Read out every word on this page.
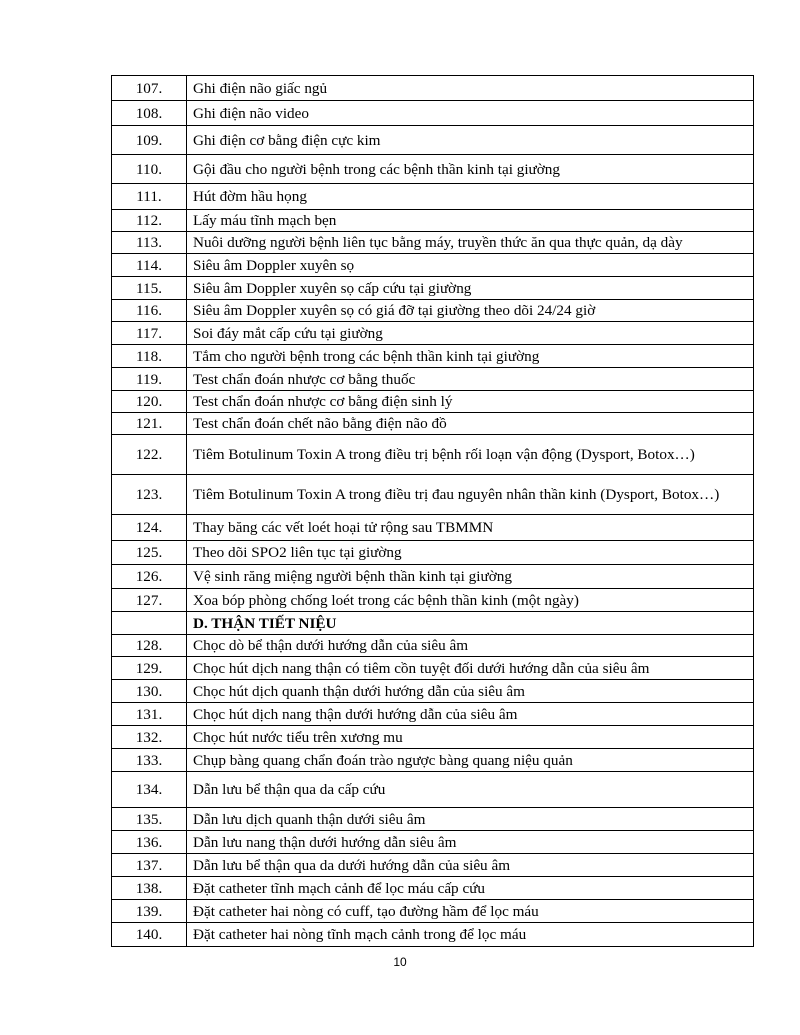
107.	Ghi điện não giấc ngủ
108.	Ghi điện não video
109.	Ghi điện cơ bằng điện cực kim
110.	Gội đầu cho người bệnh trong các bệnh thần kinh tại giường
111.	Hút đờm hầu họng
112.	Lấy máu tĩnh mạch bẹn
113.	Nuôi dưỡng người bệnh liên tục bằng máy, truyền thức ăn qua thực quản, dạ dày
114.	Siêu âm Doppler xuyên sọ
115.	Siêu âm Doppler xuyên sọ cấp cứu tại giường
116.	Siêu âm Doppler xuyên sọ có giá đỡ tại giường theo dõi 24/24 giờ
117.	Soi đáy mắt cấp cứu tại giường
118.	Tắm cho người bệnh trong các bệnh thần kinh tại giường
119.	Test chẩn đoán nhược cơ bằng thuốc
120.	Test chẩn đoán nhược cơ bằng điện sinh lý
121.	Test chẩn đoán chết não bằng điện não đồ
122.	Tiêm Botulinum Toxin A trong điều trị bệnh rối loạn vận động (Dysport, Botox…)
123.	Tiêm Botulinum Toxin A trong điều trị đau nguyên nhân thần kinh (Dysport, Botox…)
124.	Thay băng các vết loét hoại tử rộng sau TBMMN
125.	Theo dõi SPO2 liên tục tại giường
126.	Vệ sinh răng miệng người bệnh thần kinh tại giường
127.	Xoa bóp phòng chống loét trong các bệnh thần kinh (một ngày)
	D. THẬN TIẾT NIỆU
128.	Chọc dò bể thận dưới hướng dẫn của siêu âm
129.	Chọc hút dịch nang thận có tiêm cồn tuyệt đối dưới hướng dẫn của siêu âm
130.	Chọc hút dịch quanh thận dưới hướng dẫn của siêu âm
131.	Chọc hút dịch nang thận dưới hướng dẫn của siêu âm
132.	Chọc hút nước tiểu trên xương mu
133.	Chụp bàng quang chẩn đoán trào ngược bàng quang niệu quản
134.	Dẫn lưu bể thận qua da cấp cứu
135.	Dẫn lưu dịch quanh thận dưới siêu âm
136.	Dẫn lưu nang thận dưới hướng dẫn siêu âm
137.	Dẫn lưu bể thận qua da dưới hướng dẫn của siêu âm
138.	Đặt catheter tĩnh mạch cảnh để lọc máu cấp cứu
139.	Đặt catheter hai nòng có cuff, tạo đường hầm để lọc máu
140.	Đặt catheter hai nòng tĩnh mạch cảnh trong để lọc máu
10
